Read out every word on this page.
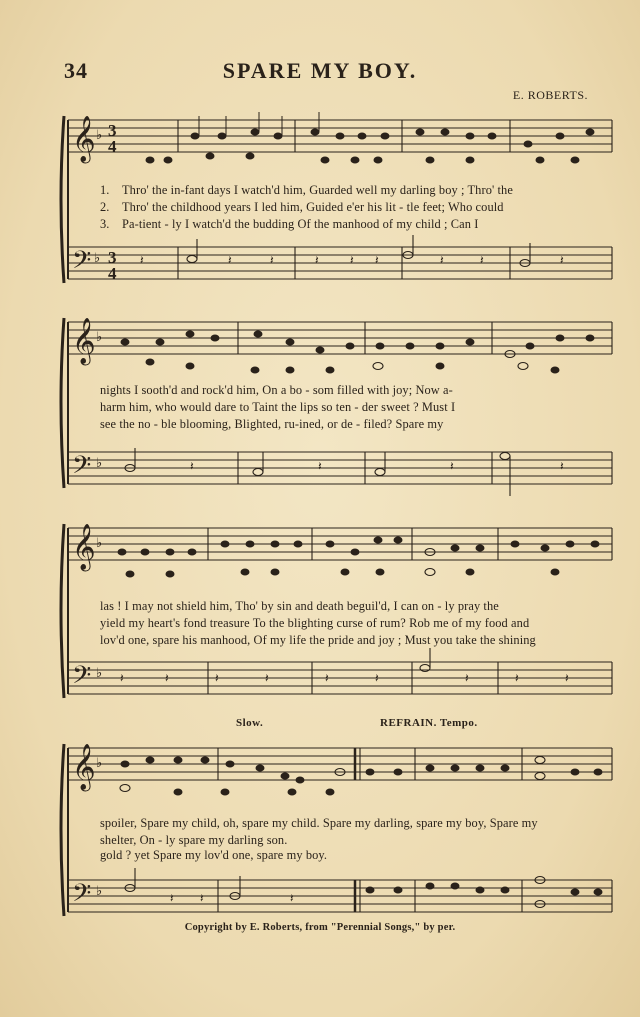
34	SPARE MY BOY.
E. ROBERTS.
𝄞
𝄢
♭
♭
3
4
3
4
𝄽	𝄽	𝄽	𝄽	𝄽 𝄽	𝄽	𝄽	𝄽
1. Thro' the in-fant days I watch'd him, Guarded well my darling boy ; Thro' the
2. Thro' the childhood years I led him, Guided e'er his lit - tle feet; Who could
3. Pa-tient - ly I watch'd the budding Of the manhood of my child ; Can I
𝄞
𝄢
♭
♭	𝄽	𝄽	𝄽	𝄽
nights I sooth'd and rock'd him, On a bo - som filled with joy; Now a-
harm him, who would dare to Taint the lips so ten - der sweet ? Must I
see the no - ble blooming, Blighted, ru-ined, or de - filed? Spare my
𝄞
𝄢
♭
♭ 𝄽	𝄽	𝄽	𝄽	𝄽	𝄽	𝄽	𝄽	𝄽
las ! I may not shield him, Tho' by sin and death beguil'd, I can on - ly pray the
yield my heart's fond treasure To the blighting curse of rum? Rob me of my food and
lov'd one, spare his manhood, Of my life the pride and joy ; Must you take the shining
Slow.	REFRAIN. Tempo.
𝄞
𝄢
♭
♭	𝄽 𝄽	𝄽
spoiler, Spare my child, oh, spare my child. Spare my darling, spare my boy, Spare my
shelter, On - ly spare my darling son.
gold ? yet Spare my lov'd one, spare my boy.
Copyright by E. Roberts, from "Perennial Songs," by per.
